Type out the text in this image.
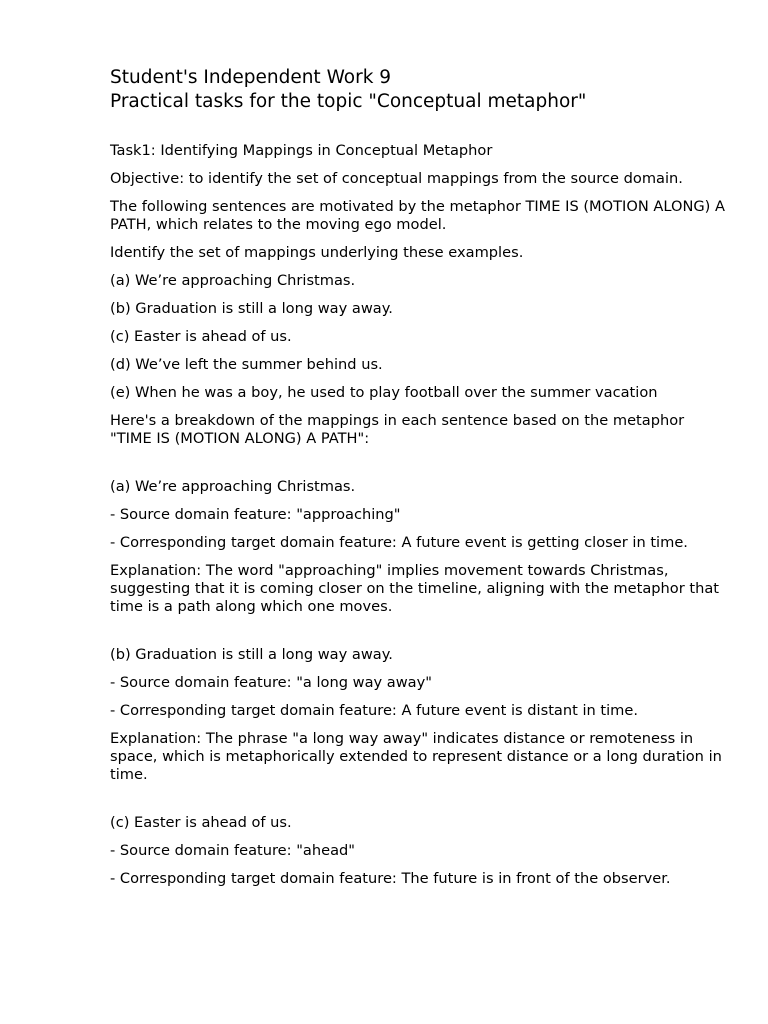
Student's Independent Work 9
Practical tasks for the topic "Conceptual metaphor"

Task1: Identifying Mappings in Conceptual Metaphor

Objective: to identify the set of conceptual mappings from the source domain.

The following sentences are motivated by the metaphor TIME IS (MOTION ALONG) A PATH, which relates to the moving ego model.

Identify the set of mappings underlying these examples.

(a) We’re approaching Christmas.

(b) Graduation is still a long way away.

(c) Easter is ahead of us.

(d) We’ve left the summer behind us.

(e) When he was a boy, he used to play football over the summer vacation

Here's a breakdown of the mappings in each sentence based on the metaphor "TIME IS (MOTION ALONG) A PATH":

(a) We’re approaching Christmas.

- Source domain feature: "approaching"

- Corresponding target domain feature: A future event is getting closer in time.

Explanation: The word "approaching" implies movement towards Christmas, suggesting that it is coming closer on the timeline, aligning with the metaphor that time is a path along which one moves.

(b) Graduation is still a long way away.

- Source domain feature: "a long way away"

- Corresponding target domain feature: A future event is distant in time.

Explanation: The phrase "a long way away" indicates distance or remoteness in space, which is metaphorically extended to represent distance or a long duration in time.

(c) Easter is ahead of us.

- Source domain feature: "ahead"

- Corresponding target domain feature: The future is in front of the observer.
